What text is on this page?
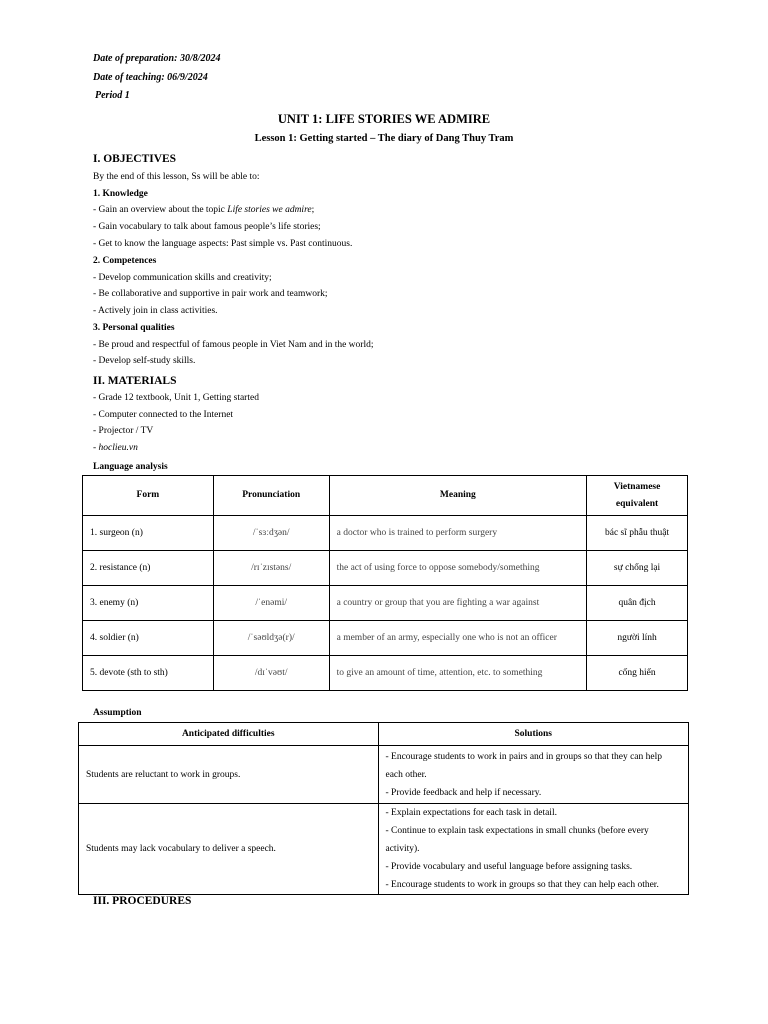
Date of preparation: 30/8/2024
Date of teaching: 06/9/2024
Period 1
UNIT 1: LIFE STORIES WE ADMIRE
Lesson 1: Getting started – The diary of Dang Thuy Tram
I. OBJECTIVES
By the end of this lesson, Ss will be able to:
1. Knowledge
- Gain an overview about the topic Life stories we admire;
- Gain vocabulary to talk about famous people’s life stories;
- Get to know the language aspects: Past simple vs. Past continuous.
2. Competences
- Develop communication skills and creativity;
- Be collaborative and supportive in pair work and teamwork;
- Actively join in class activities.
3. Personal qualities
- Be proud and respectful of famous people in Viet Nam and in the world;
- Develop self-study skills.
II. MATERIALS
- Grade 12 textbook, Unit 1, Getting started
- Computer connected to the Internet
- Projector / TV
- hoclieu.vn
Language analysis
Form	Pronunciation	Meaning	Vietnamese
equivalent
1. surgeon (n)	/ˈsɜːdʒən/	a doctor who is trained to perform surgery	bác sĩ phẫu thuật
2. resistance (n)	/rɪˈzɪstəns/	the act of using force to oppose somebody/something	sự chống lại
3. enemy (n)	/ˈenəmi/	a country or group that you are fighting a war against	quân địch
4. soldier (n)	/ˈsəʊldʒə(r)/	a member of an army, especially one who is not an officer	người lính
5. devote (sth to sth)	/dɪˈvəʊt/	to give an amount of time, attention, etc. to something	cống hiến
Assumption
Anticipated difficulties	Solutions
Students are reluctant to work in groups.	- Encourage students to work in pairs and in groups so that they can help each other.
- Provide feedback and help if necessary.

Students may lack vocabulary to deliver a speech.	- Explain expectations for each task in detail.
- Continue to explain task expectations in small chunks (before every activity).
- Provide vocabulary and useful language before assigning tasks.
- Encourage students to work in groups so that they can help each other.
III. PROCEDURES
